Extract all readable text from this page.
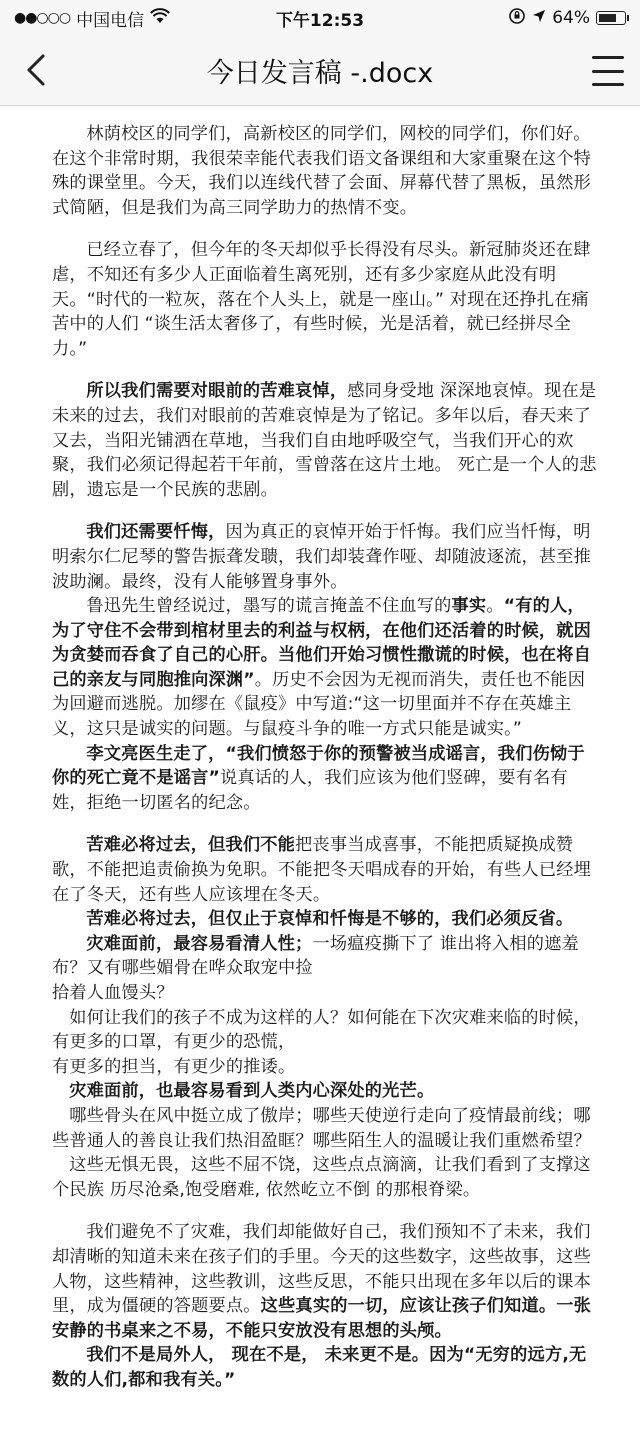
●●○○○ 中国电信	下午12:53	64%
今日发言稿 -.docx

林荫校区的同学们，高新校区的同学们，网校的同学们，你们好。在这个非常时期，我很荣幸能代表我们语文备课组和大家重聚在这个特殊的课堂里。今天，我们以连线代替了会面、屏幕代替了黑板，虽然形式简陋，但是我们为高三同学助力的热情不变。

已经立春了，但今年的冬天却似乎长得没有尽头。新冠肺炎还在肆虐，不知还有多少人正面临着生离死别，还有多少家庭从此没有明天。“时代的一粒灰，落在个人头上，就是一座山。” 对现在还挣扎在痛苦中的人们 “谈生活太奢侈了，有些时候，光是活着，就已经拼尽全力。”

所以我们需要对眼前的苦难哀悼，感同身受地 深深地哀悼。现在是未来的过去，我们对眼前的苦难哀悼是为了铭记。多年以后，春天来了又去，当阳光铺洒在草地，当我们自由地呼吸空气，当我们开心的欢聚，我们必须记得起若干年前，雪曾落在这片土地。 死亡是一个人的悲剧，遗忘是一个民族的悲剧。

我们还需要忏悔，因为真正的哀悼开始于忏悔。我们应当忏悔，明明索尔仁尼琴的警告振聋发聩，我们却装聋作哑、却随波逐流，甚至推波助澜。最终，没有人能够置身事外。

鲁迅先生曾经说过，墨写的谎言掩盖不住血写的事实。“有的人，为了守住不会带到棺材里去的利益与权柄，在他们还活着的时候，就因为贪婪而吞食了自己的心肝。当他们开始习惯性撒谎的时候，也在将自己的亲友与同胞推向深渊”。历史不会因为无视而消失，责任也不能因为回避而逃脱。加缪在《鼠疫》中写道:“这一切里面并不存在英雄主义，这只是诚实的问题。与鼠疫斗争的唯一方式只能是诚实。”

李文亮医生走了，“我们愤怒于你的预警被当成谣言，我们伤恸于你的死亡竟不是谣言”说真话的人，我们应该为他们竖碑，要有名有姓，拒绝一切匿名的纪念。

苦难必将过去，但我们不能把丧事当成喜事，不能把质疑换成赞歌，不能把追责偷换为免职。不能把冬天唱成春的开始，有些人已经埋在了冬天，还有些人应该埋在冬天。

苦难必将过去，但仅止于哀悼和忏悔是不够的，我们必须反省。

灾难面前，最容易看清人性；一场瘟疫撕下了 谁出将入相的遮羞布？又有哪些媚骨在哗众取宠中捡

拾着人血馒头？

如何让我们的孩子不成为这样的人？如何能在下次灾难来临的时候，有更多的口罩，有更少的恐慌，

有更多的担当，有更少的推诿。

灾难面前，也最容易看到人类内心深处的光芒。

哪些骨头在风中挺立成了傲岸；哪些天使逆行走向了疫情最前线；哪些普通人的善良让我们热泪盈眶？哪些陌生人的温暖让我们重燃希望？

这些无惧无畏，这些不屈不饶，这些点点滴滴，让我们看到了支撑这个民族 历尽沧桑,饱受磨难, 依然屹立不倒 的那根脊梁。

我们避免不了灾难，我们却能做好自己，我们预知不了未来，我们却清晰的知道未来在孩子们的手里。今天的这些数字，这些故事，这些人物，这些精神，这些教训，这些反思，不能只出现在多年以后的课本里，成为僵硬的答题要点。这些真实的一切，应该让孩子们知道。一张安静的书桌来之不易，不能只安放没有思想的头颅。

我们不是局外人， 现在不是， 未来更不是。因为“无穷的远方,无数的人们,都和我有关。”
